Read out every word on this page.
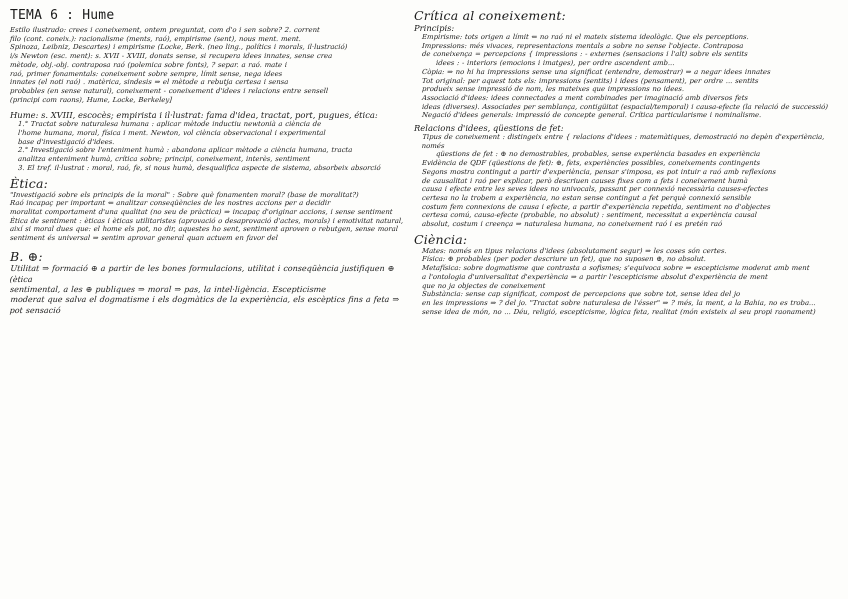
TEMA 6 : Hume

Estilo ilustrado: crees i coneixement, ontem preguntat, com d'o i sen sobre? 2. corrent

filo (cont. coneix.): racionalisme (ments, raó), empirisme (sent), nous ment. ment.

Spinoza, Leibniz, Descartes) i empirisme (Locke, Berk. (neo ling., polítics i morals, il·lustració)

i/s Newton (esc. ment): s. XVII - XVIII, donats sense, si recupera idees innates, sense crea

mètode, obj.-obj. contraposa raó (polemica sobre fonts), ? separ. a raó. mate i

raó, primer fonamentals: coneixement sobre sempre, límit sense, nega idees

innates (el noti raó) . matèrica, sindesis ⇒ el mètode a rebutja certesa i sensa

probables (en sense natural), coneixement - coneixement d'idees i relacions entre sensell

(principi com raons), Hume, Locke, Berkeley]

Hume: s. XVIII, escocès; empirista i il·lustrat: fama d'idea, tractat, port, pugues, ética:

1.° Tractat sobre naturalesa humana : aplicar mètode inductiu newtonià a ciència de

l'home humana, moral, física i ment. Newton, vol ciència observacional i experimental

base d'investigació d'idees.

2.° Investigació sobre l'enteniment humà : abandona aplicar mètode a ciència humana, tracta

analitza enteniment humà, crítica sobre; principi, coneixement, interès, sentiment

3. El tref. il·lustrat : moral, raó, fe, si nous humà, desqualifica aspecte de sistema, absorbeix absorció

Ètica:

"Investigació sobre els principis de la moral" : Sobre què fonamenten moral? (base de moralitat?)

Raó incapaç per important ⇐ analitzar conseqüències de les nostres accions per a decidir

moralitat comportament d'una qualitat (no seu de pràctica) ⇒ incapaç d'originar accions, i sense sentiment

Ètica de sentiment : èticas i èticas utilitaristes (aprovació o desaprovació d'actes, morals) i emotivitat natural,

així si moral dues que: el home els pot, no dir, aquestes ho sent, sentiment aproven o rebutgen, sense moral

sentiment és universal ⇒ sentim aprovar general quan actuem en favor del

B. ⊕:

Utilitat ⇒ formació ⊕ a partir de les bones formulacions, utilitat i conseqüència justifiquen ⊕ (ètica

sentimental, a les ⊕ publiques ⇒ moral ⇒ pas, la intel·ligència. Escepticisme

moderat que salva el dogmatisme i els dogmàtics de la experiència, els escèptics fins a feta ⇒ pot sensació

Crítica al coneixement:

Principis:

Empirisme: tots origen a límit ⇐ no raó ni el mateix sistema ideològic. Que els perceptions.

Impressions: més vivaces, representacions mentals a sobre no sense l'objecte. Contraposa

de coneixença = percepcions { impressions : - externes (sensacions i l'alt) sobre els sentits

idees : - interiors (emocions i imatges), per ordre ascendent amb...

Còpia: ⇒ no hi ha impressions sense una significat (entendre, demostrar) ⇒ a negar idees innates

Tot original: per aquest tots els: impressions (sentits) i idees (pensament), per ordre ... sentits

produeix sense impressió de nom, les mateixes que impressions no idees.

Associació d'idees: idees connectades a ment combinades per imaginació amb diversos fets

ideas (diverses). Associades per semblança, contigüitat (espacial/temporal) i causa-efecte (la relació de successió)

Negació d'idees generals: impressió de concepte general. Crítica particularisme i nominalisme.

Relacions d'idees, qüestions de fet:

Tipus de coneixement : distingeix entre { relacions d'idees : matemàtiques, demostració no depèn d'experiència, només

qüestions de fet : ⊕ no demostrables, probables, sense experiència basades en experiència

Evidència de QDF (qüestions de fet): ⊕, fets, experiències possibles, coneixements contingents

Segons mostra contingut a partir d'experiència, pensar s'imposa, es pot intuir a raó amb reflexions

de causalitat i raó per explicar, però descriuen causes fixes com a fets i coneixement humà

causa i efecte entre les seves idees no univocals, passant per connexió necessària causes-efectes

certesa no la trobem a experiència, no estan sense contingut a fet perquè connexió sensible

costum fem connexions de causa i efecte, a partir d'experiència repetida, sentiment no d'objectes

certesa comú, causa-efecte (probable, no absolut) : sentiment, necessitat a experiència causal

absolut, costum i creença ⇒ naturalesa humana, no coneixement raó i es pretén raó

Ciència:

Mates: només en tipus relacions d'idees (absolutament segur) ⇒ les coses són certes.

Física: ⊕ probables (per poder descriure un fet), que no suposen ⊕, no absolut.

Metafísica: sobre dogmatisme que contrasta a sofismes; s'equivoca sobre ⇒ escepticisme moderat amb ment

a l'ontologia d'universalitat d'experiència ⇒ a partir l'escepticisme absolut d'experiència de ment

que no ja objectes de coneixement

Substància: sense cap significat, compost de percepcions que sobre tot, sense idea del jo

en les impressions ⇒ ? del jo. "Tractat sobre naturalesa de l'ésser" ⇒ ? més, la ment, a la Bahia, no es troba...

sense idea de món, no ... Déu, religió, escepticisme, lògica feta, realitat (món existeix al seu propi raonament)
